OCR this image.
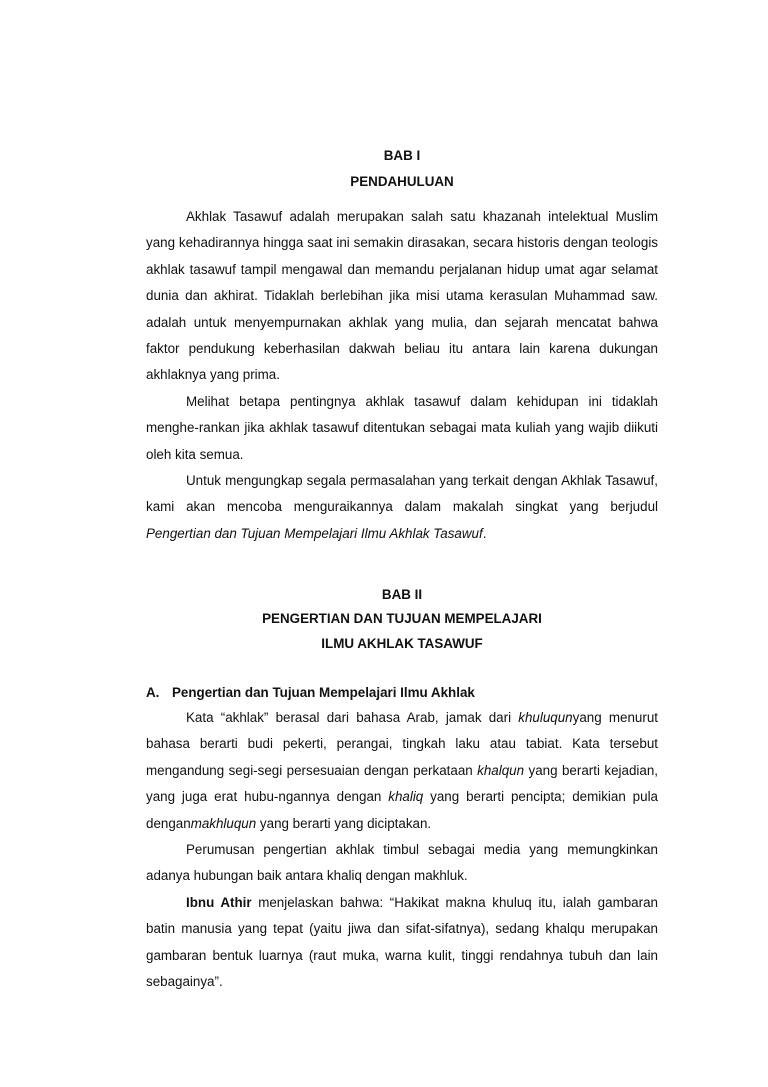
BAB I
PENDAHULUAN

Akhlak Tasawuf adalah merupakan salah satu khazanah intelektual Muslim yang kehadirannya hingga saat ini semakin dirasakan, secara historis dengan teologis akhlak tasawuf tampil mengawal dan memandu perjalanan hidup umat agar selamat dunia dan akhirat. Tidaklah berlebihan jika misi utama kerasulan Muhammad saw. adalah untuk menyempurnakan akhlak yang mulia, dan sejarah mencatat bahwa faktor pendukung keberhasilan dakwah beliau itu antara lain karena dukungan akhlaknya yang prima.

Melihat betapa pentingnya akhlak tasawuf dalam kehidupan ini tidaklah menghe-rankan jika akhlak tasawuf ditentukan sebagai mata kuliah yang wajib diikuti oleh kita semua.

Untuk mengungkap segala permasalahan yang terkait dengan Akhlak Tasawuf, kami akan mencoba menguraikannya dalam makalah singkat yang berjudul Pengertian dan Tujuan Mempelajari Ilmu Akhlak Tasawuf.

BAB II
PENGERTIAN DAN TUJUAN MEMPELAJARI
ILMU AKHLAK TASAWUF
A. Pengertian dan Tujuan Mempelajari Ilmu Akhlak

Kata “akhlak” berasal dari bahasa Arab, jamak dari khuluqunyang menurut bahasa berarti budi pekerti, perangai, tingkah laku atau tabiat. Kata tersebut mengandung segi-segi persesuaian dengan perkataan khalqun yang berarti kejadian, yang juga erat hubu-ngannya dengan khaliq yang berarti pencipta; demikian pula denganmakhluqun yang berarti yang diciptakan.

Perumusan pengertian akhlak timbul sebagai media yang memungkinkan adanya hubungan baik antara khaliq dengan makhluk.

Ibnu Athir menjelaskan bahwa: “Hakikat makna khuluq itu, ialah gambaran batin manusia yang tepat (yaitu jiwa dan sifat-sifatnya), sedang khalqu merupakan gambaran bentuk luarnya (raut muka, warna kulit, tinggi rendahnya tubuh dan lain sebagainya”.
